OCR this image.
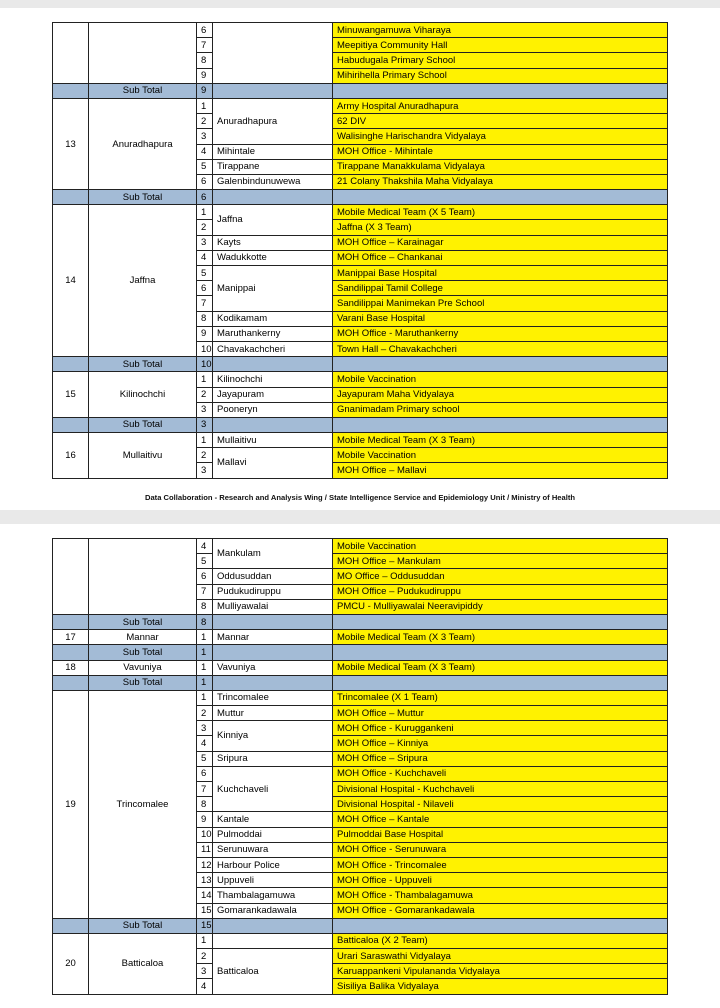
		6		Minuwangamuwa Viharaya
		7		Meepitiya Community Hall
		8		Habudugala Primary School
		9		Mihirihella Primary School
	Sub Total	9		
13	Anuradhapura	1	Anuradhapura	Army Hospital Anuradhapura
		2		62 DIV
		3		Walisinghe Harischandra Vidyalaya
		4	Mihintale	MOH Office - Mihintale
		5	Tirappane	Tirappane Manakkulama Vidyalaya
		6	Galenbindunuwewa	21 Colany Thakshila Maha Vidyalaya
	Sub Total	6		
14	Jaffna	1	Jaffna	Mobile Medical Team (X 5 Team)
		2		Jaffna (X 3 Team)
		3	Kayts	MOH Office – Karainagar
		4	Wadukkotte	MOH Office – Chankanai
		5	Manippai	Manippai Base Hospital
		6		Sandilippai Tamil College
		7		Sandilippai Manimekan Pre School
		8	Kodikamam	Varani Base Hospital
		9	Maruthankerny	MOH Office - Maruthankerny
		10	Chavakachcheri	Town Hall – Chavakachcheri
	Sub Total	10		
15	Kilinochchi	1	Kilinochchi	Mobile Vaccination
		2	Jayapuram	Jayapuram Maha Vidyalaya
		3	Pooneryn	Gnanimadam Primary school
	Sub Total	3		
16	Mullaitivu	1	Mullaitivu	Mobile Medical Team (X 3 Team)
		2	Mallavi	Mobile Vaccination
		3		MOH Office – Mallavi
Data Collaboration - Research and Analysis Wing / State Intelligence Service and Epidemiology Unit / Ministry of Health
		4	Mankulam	Mobile Vaccination
		5		MOH Office – Mankulam
		6	Oddusuddan	MO Office – Oddusuddan
		7	Pudukudiruppu	MOH Office – Pudukudiruppu
		8	Mulliyawalai	PMCU - Mulliyawalai Neeravipiddy
	Sub Total	8		
17	Mannar	1	Mannar	Mobile Medical Team (X 3 Team)
	Sub Total	1		
18	Vavuniya	1	Vavuniya	Mobile Medical Team (X 3 Team)
	Sub Total	1		
19	Trincomalee	1	Trincomalee	Trincomalee (X 1 Team)
		2	Muttur	MOH Office – Muttur
		3	Kinniya	MOH Office - Kurugganken​i
		4		MOH Office – Kinniya
		5	Sripura	MOH Office – Sripura
		6	Kuchchaveli	MOH Office - Kuchchaveli
		7		Divisional Hospital - Kuchchaveli
		8		Divisional Hospital - Nilaveli
		9	Kantale	MOH Office – Kantale
		10	Pulmoddai	Pulmoddai Base Hospital
		11	Serunuwara	MOH Office - Serunuwara
		12	Harbour Police	MOH Office - Trincomalee
		13	Uppuveli	MOH Office - Uppuveli
		14	Thambalagamuwa	MOH Office - Thambalagamuwa
		15	Gomarankadawala	MOH Office - Gomarankadawala
	Sub Total	15		
20	Batticaloa	1		Batticaloa (X 2 Team)
		2	Batticaloa	Urari Saraswathi Vidyalaya
		3		Karuappankeni Vipulananda Vidyalaya
		4		Sisiliya Balika Vidyalaya
